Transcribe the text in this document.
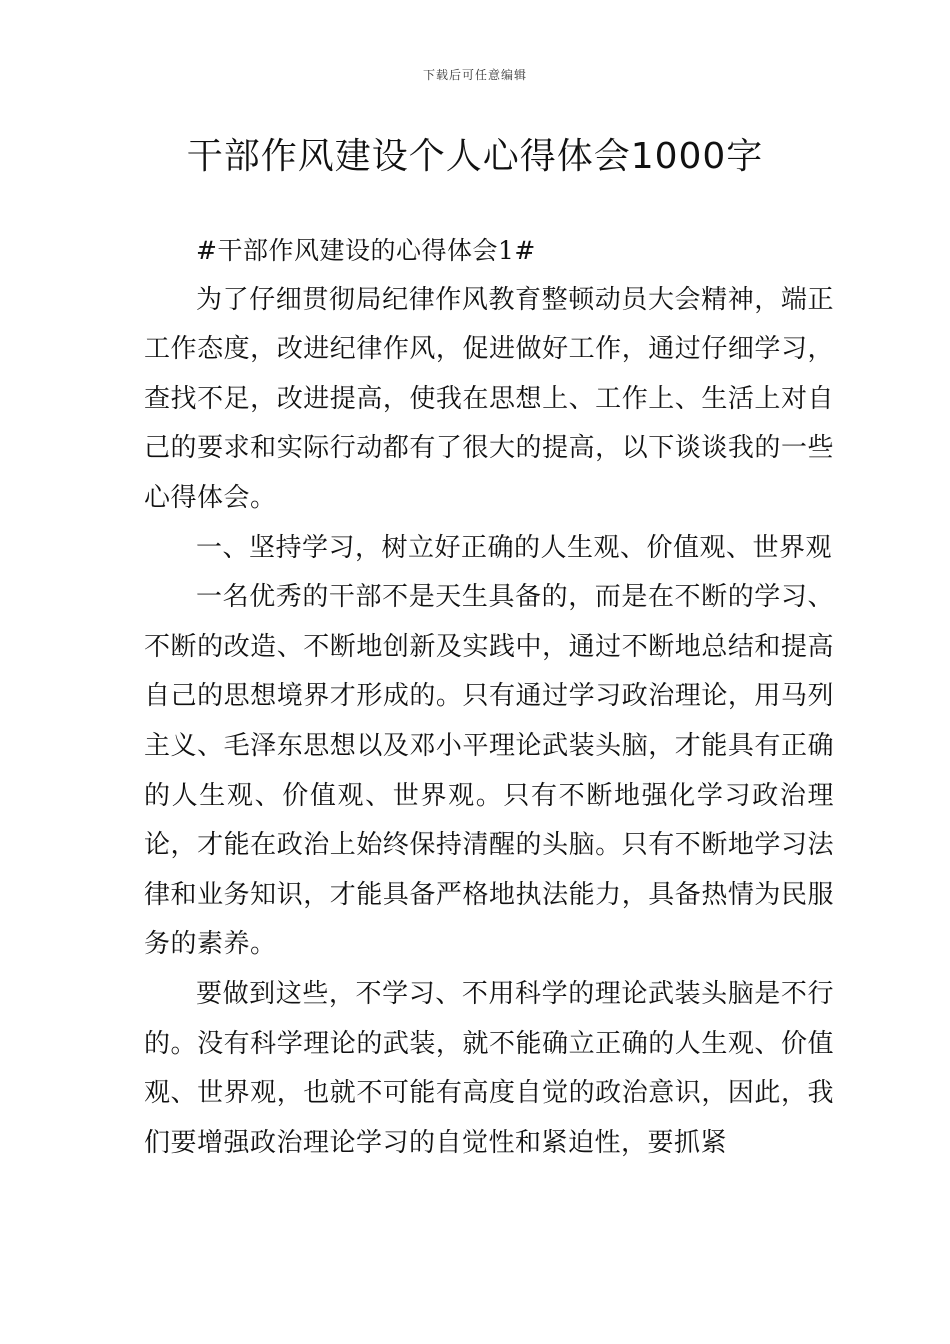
下载后可任意编辑
干部作风建设个人心得体会1000字

#干部作风建设的心得体会1#

为了仔细贯彻局纪律作风教育整顿动员大会精神，端正工作态度，改进纪律作风，促进做好工作，通过仔细学习，查找不足，改进提高，使我在思想上、工作上、生活上对自己的要求和实际行动都有了很大的提高，以下谈谈我的一些心得体会。

一、坚持学习，树立好正确的人生观、价值观、世界观

一名优秀的干部不是天生具备的，而是在不断的学习、不断的改造、不断地创新及实践中，通过不断地总结和提高自己的思想境界才形成的。只有通过学习政治理论，用马列主义、毛泽东思想以及邓小平理论武装头脑，才能具有正确的人生观、价值观、世界观。只有不断地强化学习政治理论，才能在政治上始终保持清醒的头脑。只有不断地学习法律和业务知识，才能具备严格地执法能力，具备热情为民服务的素养。

要做到这些，不学习、不用科学的理论武装头脑是不行的。没有科学理论的武装，就不能确立正确的人生观、价值观、世界观，也就不可能有高度自觉的政治意识，因此，我们要增强政治理论学习的自觉性和紧迫性，要抓紧
